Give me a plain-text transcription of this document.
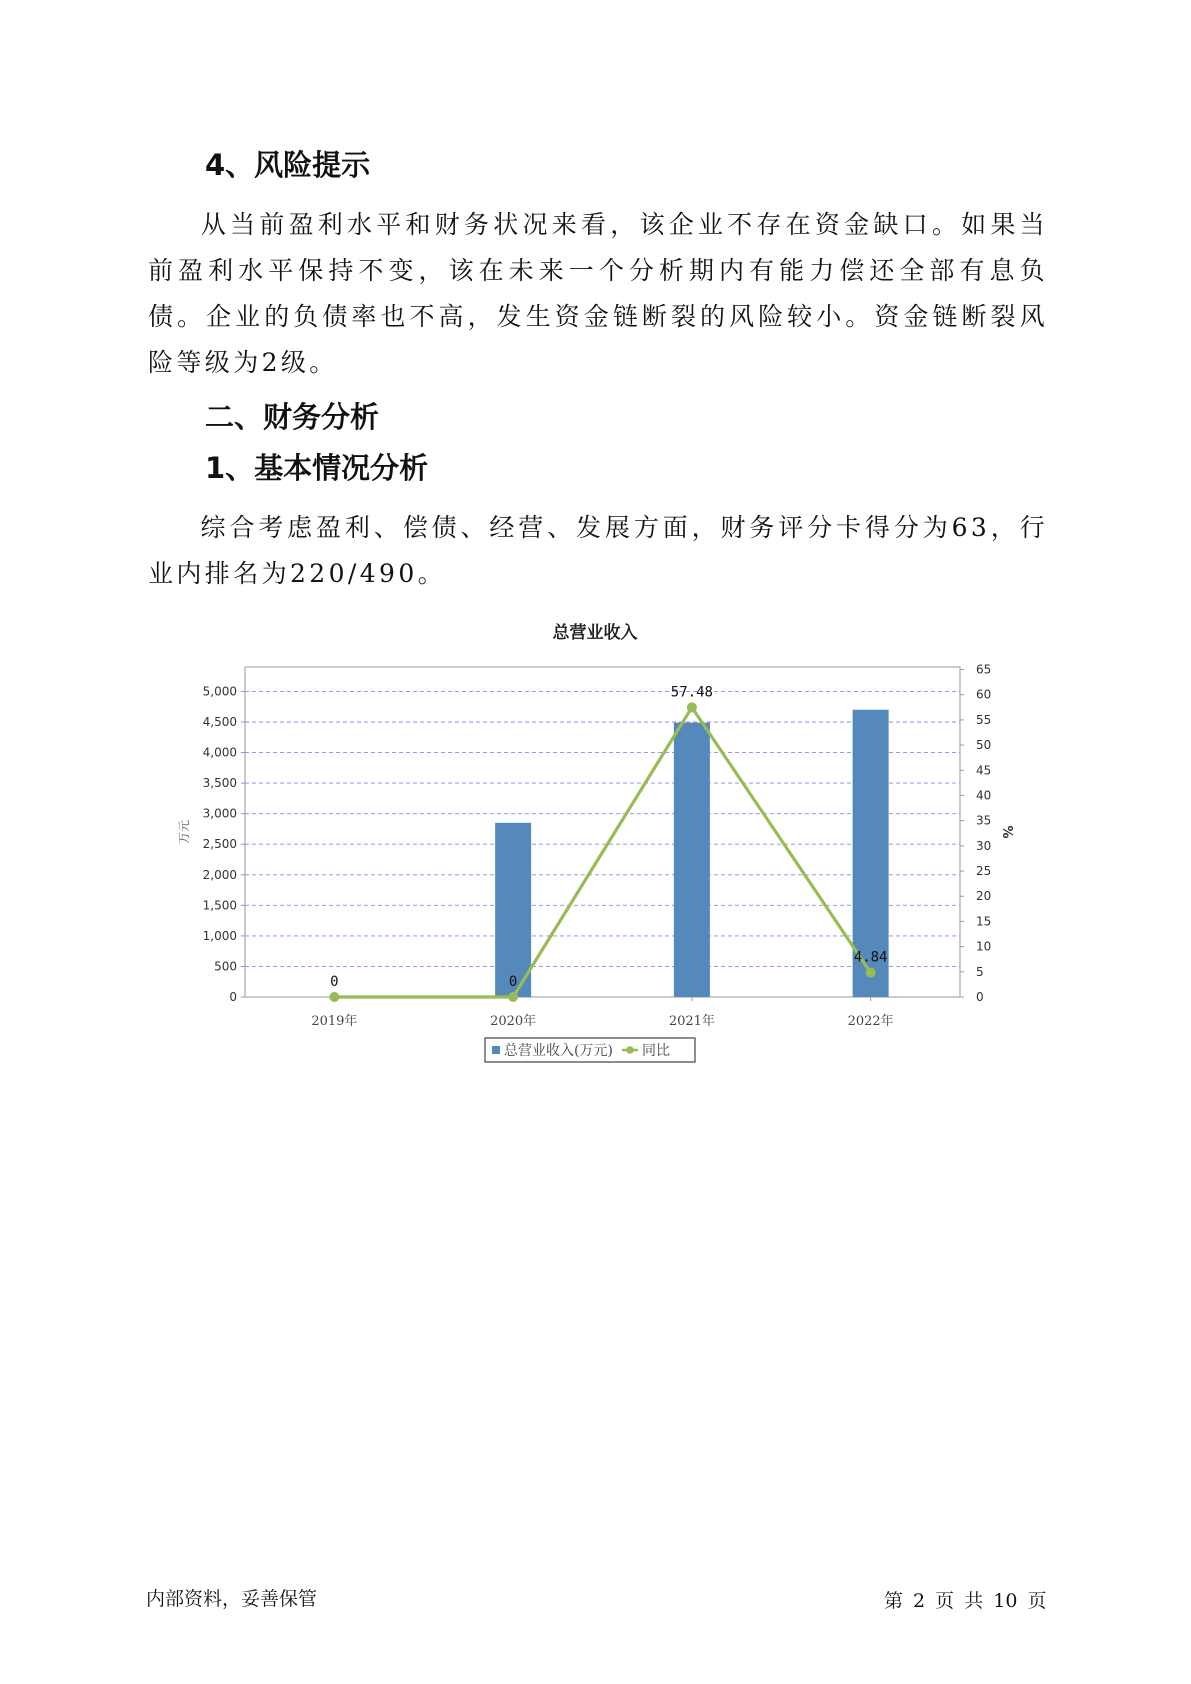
4、风险提示

从当前盈利水平和财务状况来看，该企业不存在资金缺口。如果当前盈利水平保持不变，该在未来一个分析期内有能力偿还全部有息负债。企业的负债率也不高，发生资金链断裂的风险较小。资金链断裂风险等级为2级。

二、财务分析
1、基本情况分析

综合考虑盈利、偿债、经营、发展方面，财务评分卡得分为63，行业内排名为220/490。

总营业收入
0
500
1,000
1,500
2,000
2,500
3,000
3,500
4,000
4,500
5,000
0
5
10
15
20
25
30
35
40
45
50
55
60
65
0	0
57.48
4.84
2019年	2020年	2021年	2022年
万元	%
总营业收入(万元) 同比
内部资料，妥善保管	第 2 页 共 10 页
